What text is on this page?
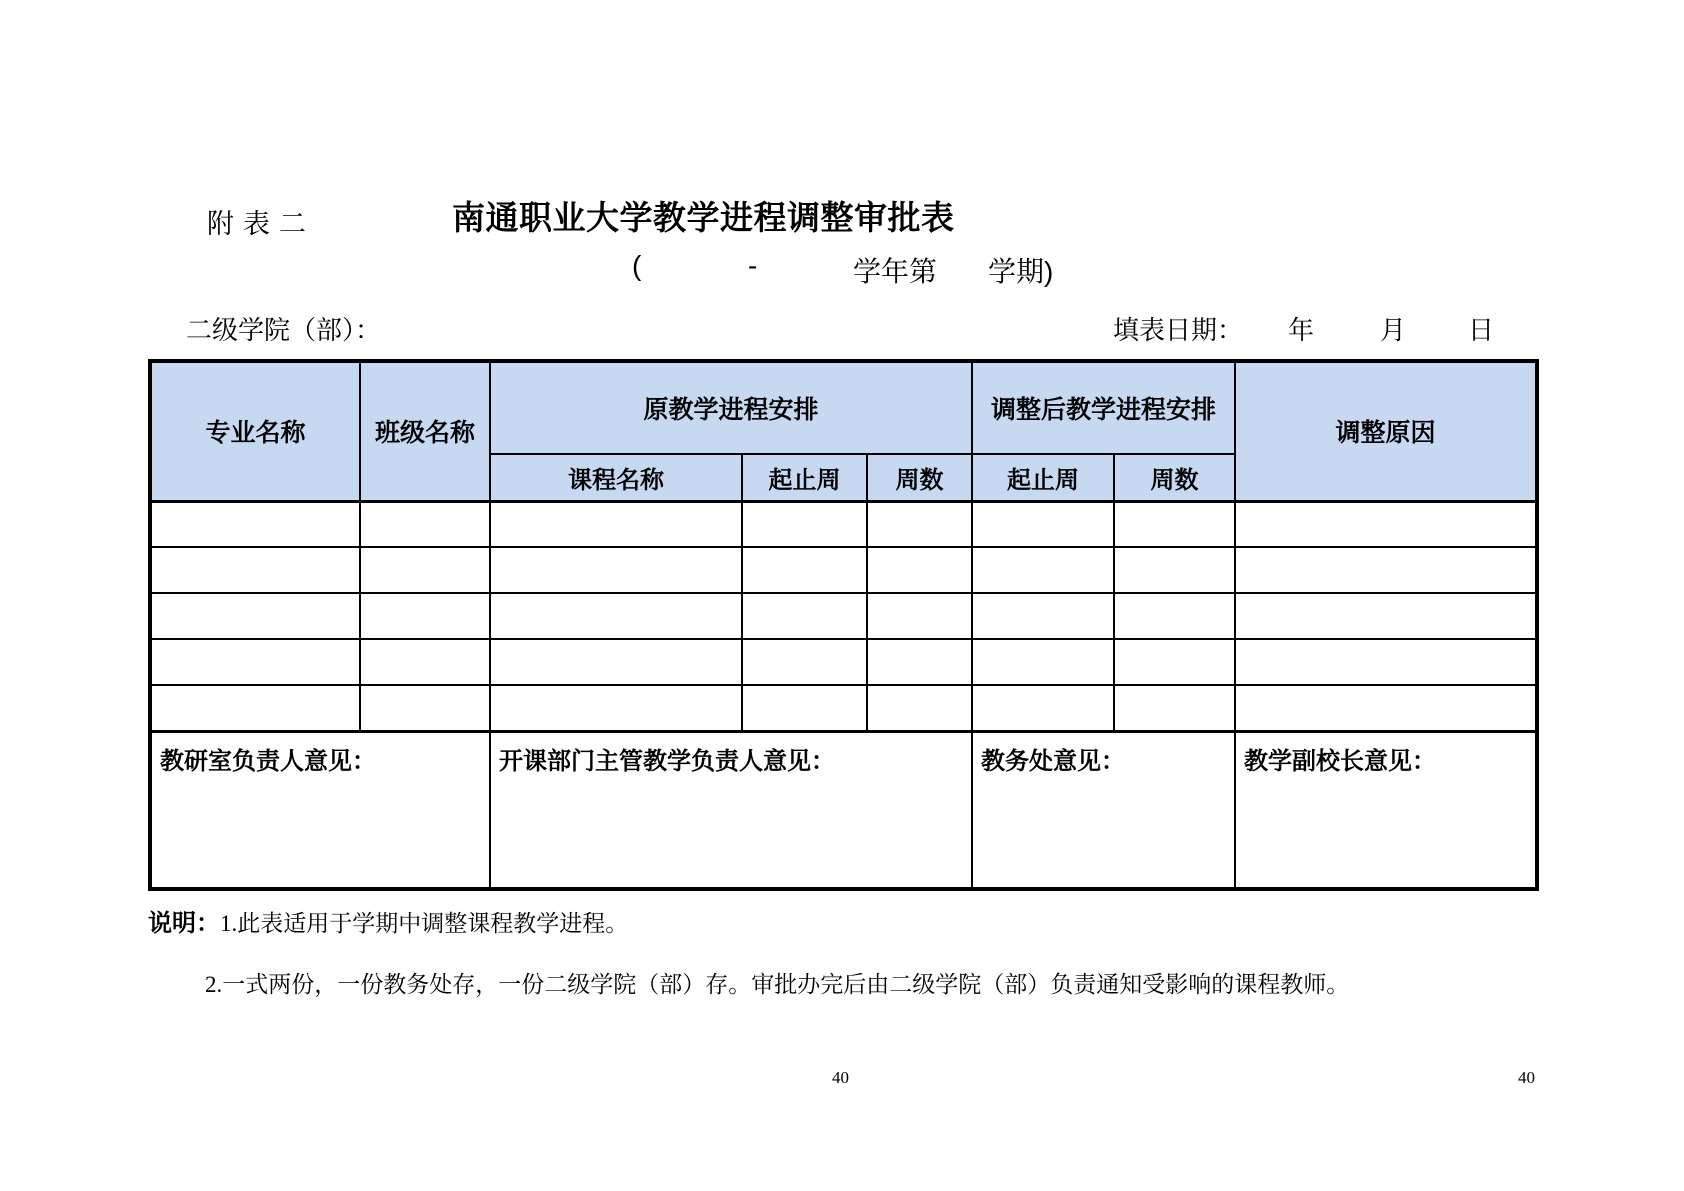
附表二	南通职业大学教学进程调整审批表
(	-	学年第 学期)
二级学院（部）：	填表日期： 年	月 日
专业名称	班级名称	原教学进程安排			调整后教学进程安排		调整原因
		课程名称	起止周	周数	起止周	周数	

教研室负责人意见：		开课部门主管教学负责人意见：			教务处意见：		教学副校长意见：
说明：1.此表适用于学期中调整课程教学进程。
2.一式两份，一份教务处存，一份二级学院（部）存。审批办完后由二级学院（部）负责通知受影响的课程教师。
40	40
